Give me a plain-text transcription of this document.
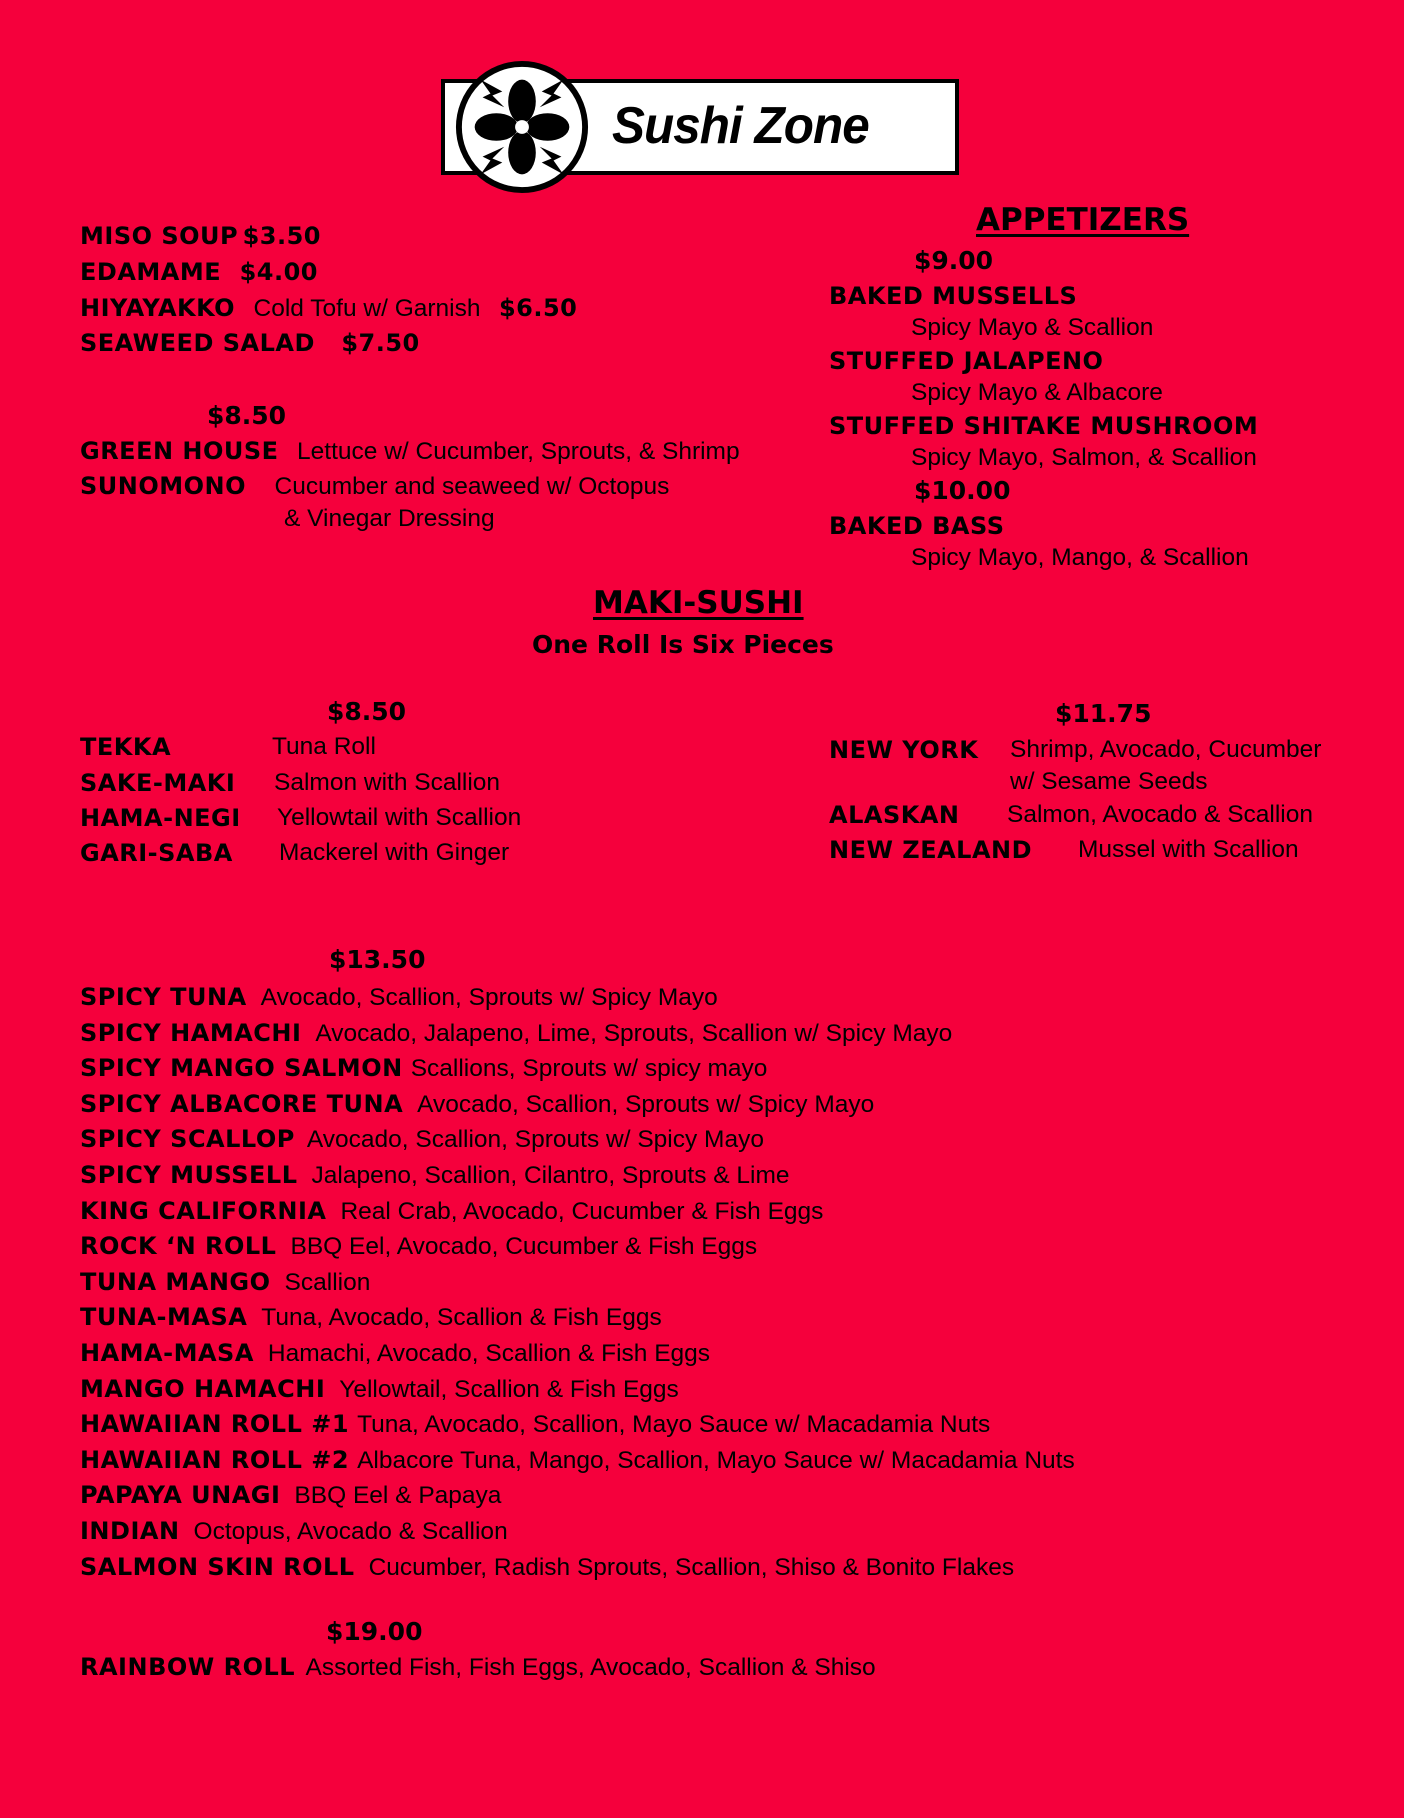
Sushi Zone
MISO SOUP $3.50
EDAMAME $4.00
HIYAYAKKO Cold Tofu w/ Garnish $6.50
SEAWEED SALAD $7.50
$8.50
GREEN HOUSE Lettuce w/ Cucumber, Sprouts, & Shrimp
SUNOMONO Cucumber and seaweed w/ Octopus
& Vinegar Dressing
APPETIZERS
$9.00
BAKED MUSSELLS
Spicy Mayo & Scallion
STUFFED JALAPENO
Spicy Mayo & Albacore
STUFFED SHITAKE MUSHROOM
Spicy Mayo, Salmon, & Scallion
$10.00
BAKED BASS
Spicy Mayo, Mango, & Scallion
MAKI-SUSHI
One Roll Is Six Pieces
$8.50
TEKKA	Tuna Roll
SAKE-MAKI Salmon with Scallion
HAMA-NEGI Yellowtail with Scallion
GARI-SABA Mackerel with Ginger
$11.75
NEW YORK Shrimp, Avocado, Cucumber
w/ Sesame Seeds
ALASKAN Salmon, Avocado & Scallion
NEW ZEALAND Mussel with Scallion
$13.50
SPICY TUNA Avocado, Scallion, Sprouts w/ Spicy Mayo
SPICY HAMACHI Avocado, Jalapeno, Lime, Sprouts, Scallion w/ Spicy Mayo
SPICY MANGO SALMON Scallions, Sprouts w/ spicy mayo
SPICY ALBACORE TUNA Avocado, Scallion, Sprouts w/ Spicy Mayo
SPICY SCALLOP Avocado, Scallion, Sprouts w/ Spicy Mayo
SPICY MUSSELL Jalapeno, Scallion, Cilantro, Sprouts & Lime
KING CALIFORNIA Real Crab, Avocado, Cucumber & Fish Eggs
ROCK ‘N ROLL BBQ Eel, Avocado, Cucumber & Fish Eggs
TUNA MANGO Scallion
TUNA-MASA Tuna, Avocado, Scallion & Fish Eggs
HAMA-MASA Hamachi, Avocado, Scallion & Fish Eggs
MANGO HAMACHI Yellowtail, Scallion & Fish Eggs
HAWAIIAN ROLL #1 Tuna, Avocado, Scallion, Mayo Sauce w/ Macadamia Nuts
HAWAIIAN ROLL #2 Albacore Tuna, Mango, Scallion, Mayo Sauce w/ Macadamia Nuts
PAPAYA UNAGI BBQ Eel & Papaya
INDIAN Octopus, Avocado & Scallion
SALMON SKIN ROLL Cucumber, Radish Sprouts, Scallion, Shiso & Bonito Flakes
$19.00
RAINBOW ROLL Assorted Fish, Fish Eggs, Avocado, Scallion & Shiso
